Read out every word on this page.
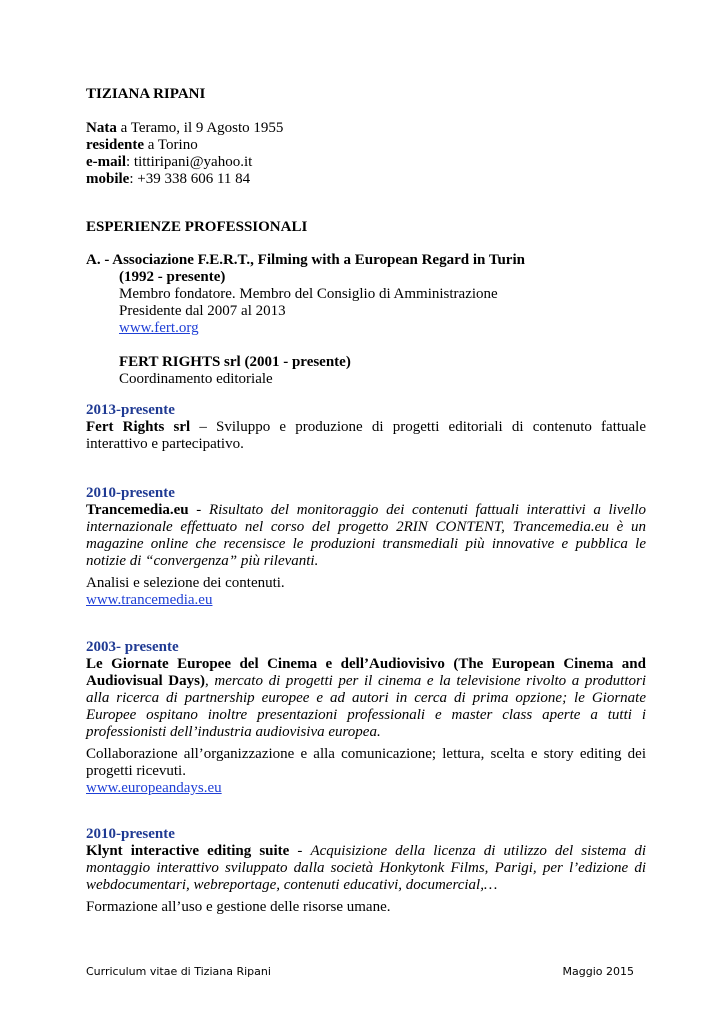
TIZIANA RIPANI
Nata a Teramo, il 9 Agosto 1955
residente a Torino
e-mail: tittiripani@yahoo.it
mobile: +39 338 606 11 84
ESPERIENZE PROFESSIONALI
A. - Associazione F.E.R.T., Filming with a European Regard in Turin
(1992 - presente)
Membro fondatore. Membro del Consiglio di Amministrazione
Presidente dal 2007 al 2013
www.fert.org
FERT RIGHTS srl (2001 - presente)
Coordinamento editoriale
2013-presente
Fert Rights srl – Sviluppo e produzione di progetti editoriali di contenuto fattuale interattivo e partecipativo.
2010-presente
Trancemedia.eu - Risultato del monitoraggio dei contenuti fattuali interattivi a livello internazionale effettuato nel corso del progetto 2RIN CONTENT, Trancemedia.eu è un magazine online che recensisce le produzioni transmediali più innovative e pubblica le notizie di “convergenza” più rilevanti.
Analisi e selezione dei contenuti.
www.trancemedia.eu
2003- presente
Le Giornate Europee del Cinema e dell’Audiovisivo (The European Cinema and Audiovisual Days), mercato di progetti per il cinema e la televisione rivolto a produttori alla ricerca di partnership europee e ad autori in cerca di prima opzione; le Giornate Europee ospitano inoltre presentazioni professionali e master class aperte a tutti i professionisti dell’industria audiovisiva europea.
Collaborazione all’organizzazione e alla comunicazione; lettura, scelta e story editing dei progetti ricevuti.
www.europeandays.eu
2010-presente
Klynt interactive editing suite - Acquisizione della licenza di utilizzo del sistema di montaggio interattivo sviluppato dalla società Honkytonk Films, Parigi, per l’edizione di webdocumentari, webreportage, contenuti educativi, documercial,…
Formazione all’uso e gestione delle risorse umane.
Curriculum vitae di Tiziana Ripani	Maggio 2015
